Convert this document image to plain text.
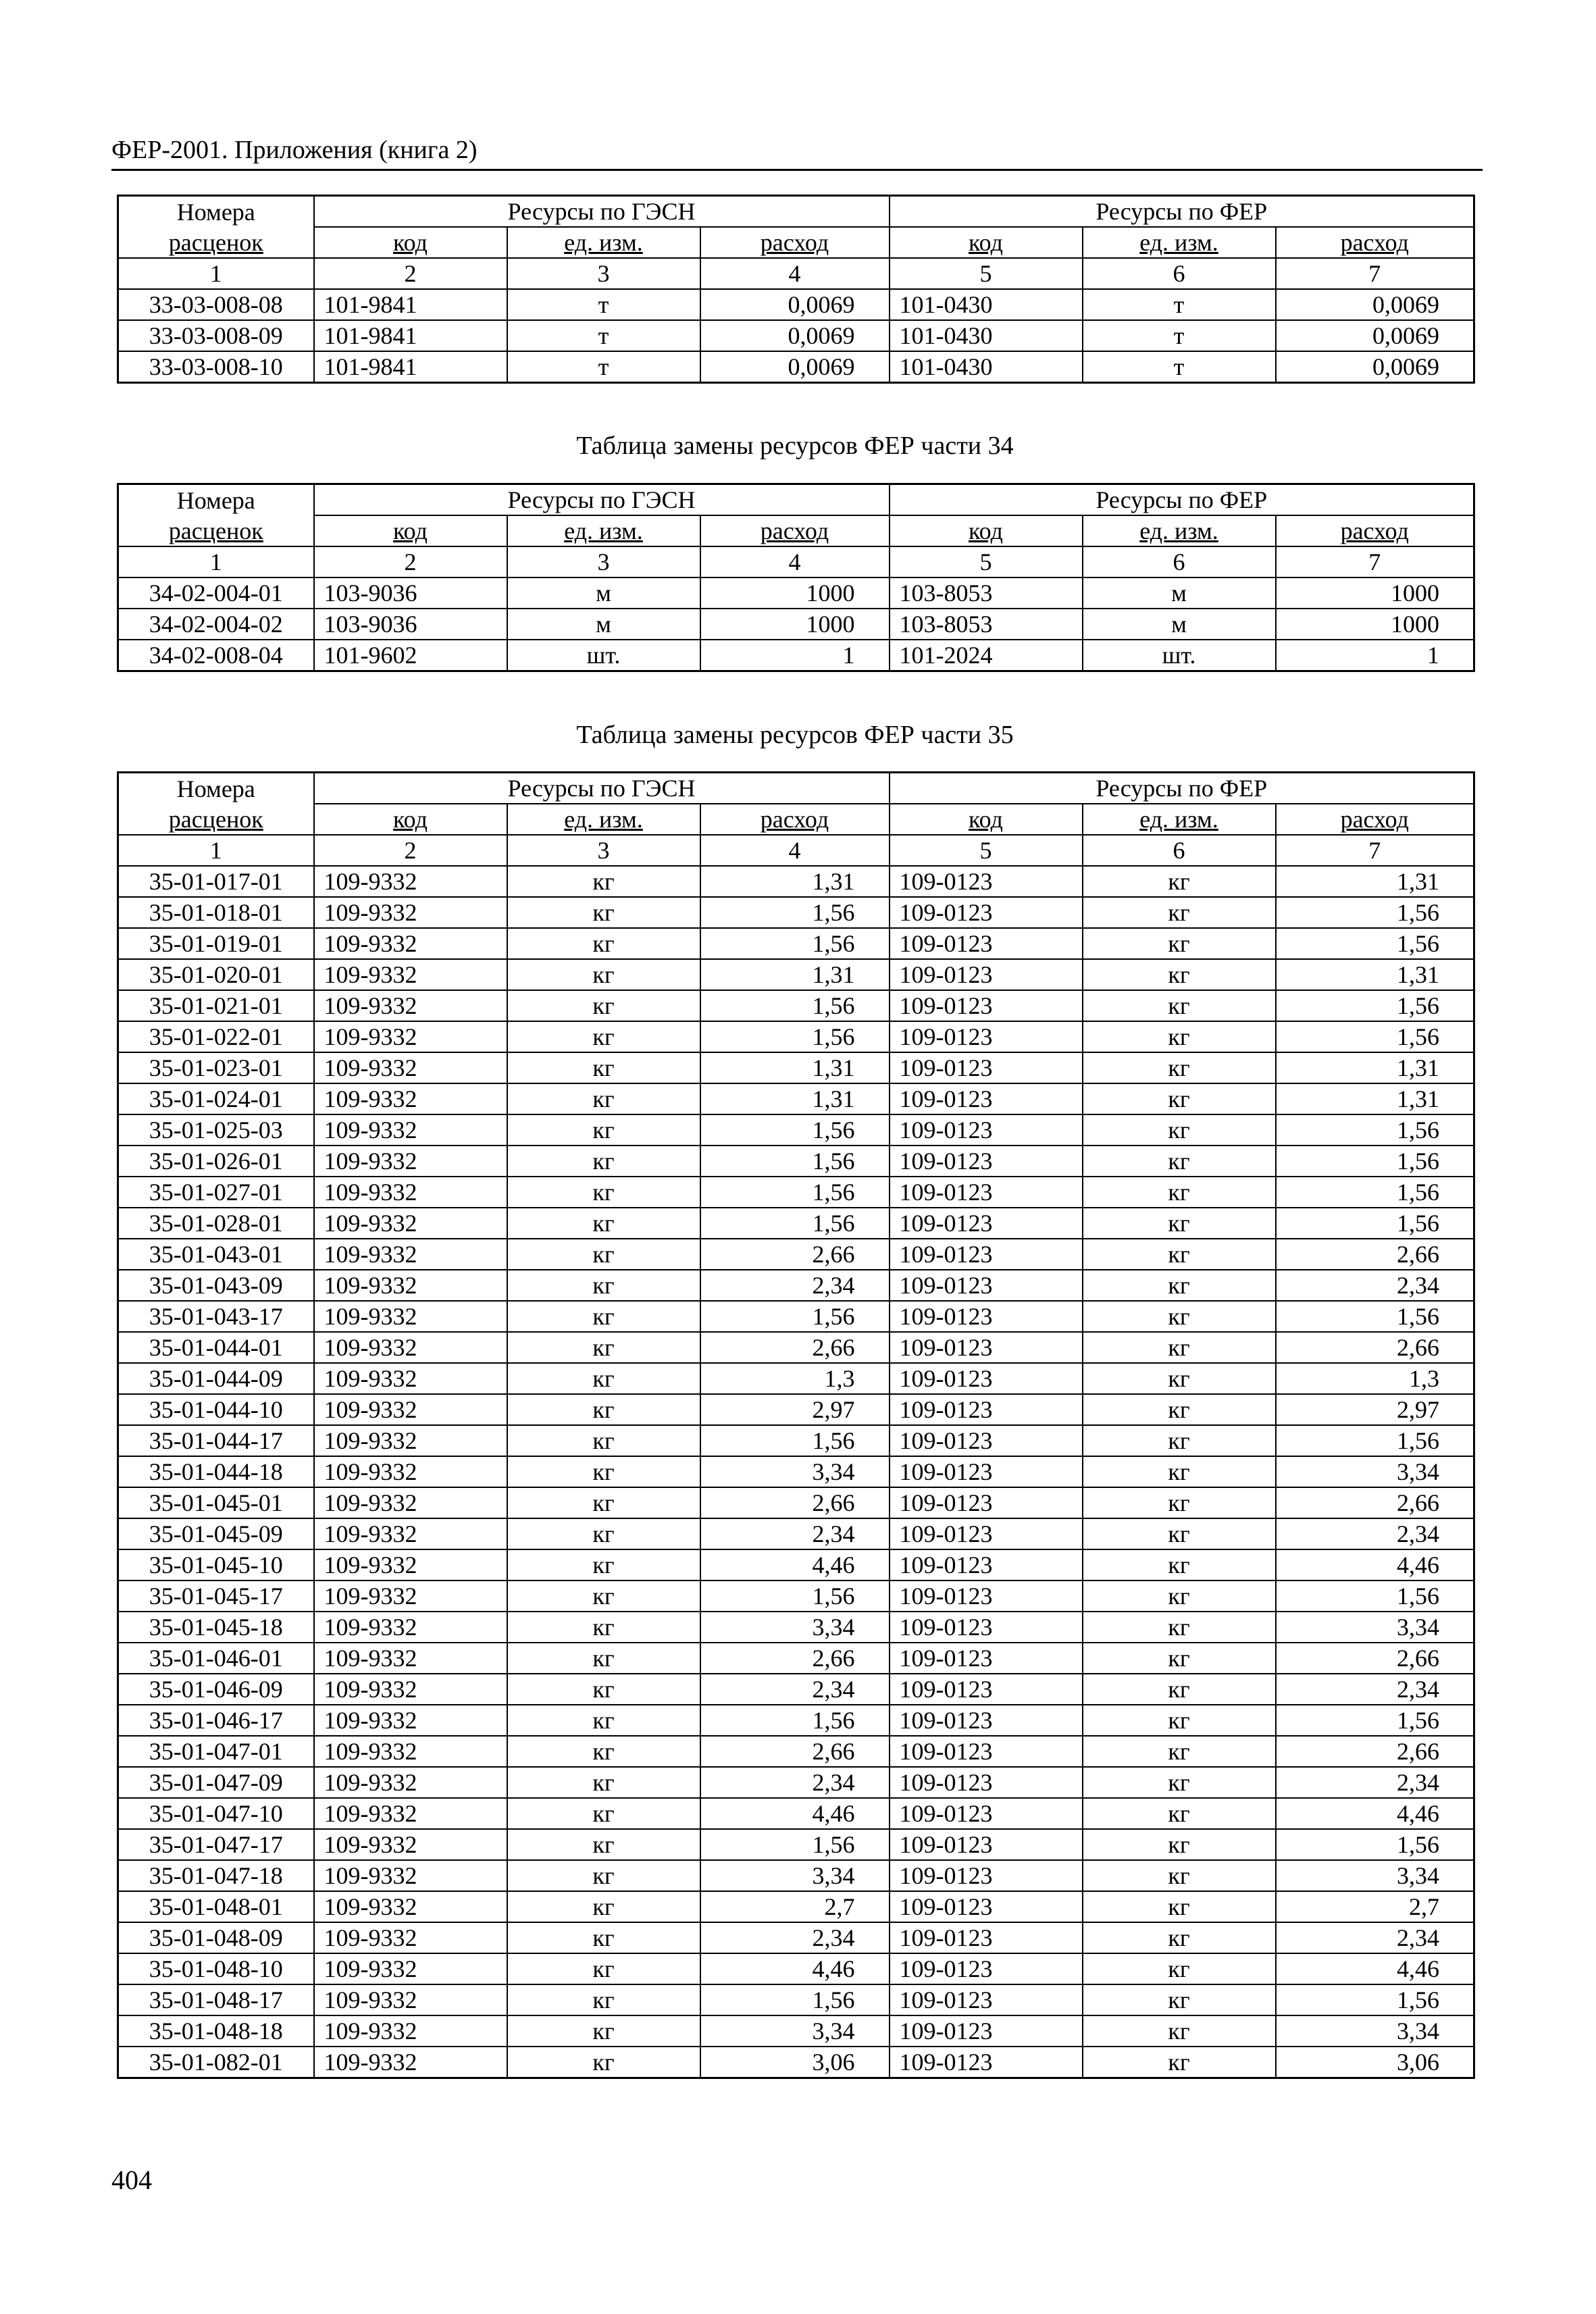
ФЕР-2001. Приложения (книга 2)
Таблица замены ресурсов ФЕР части 34
Таблица замены ресурсов ФЕР части 35
Номера	Ресурсы по ГЭСН			Ресурсы по ФЕР		
расценок	код	ед. изм.	расход	код	ед. изм.	расход
1	2	3	4	5	6	7
33-03-008-08	101-9841	т	0,0069	101-0430	т	0,0069
33-03-008-09	101-9841	т	0,0069	101-0430	т	0,0069
33-03-008-10	101-9841	т	0,0069	101-0430	т	0,0069
Номера	Ресурсы по ГЭСН			Ресурсы по ФЕР		
расценок	код	ед. изм.	расход	код	ед. изм.	расход
1	2	3	4	5	6	7
34-02-004-01	103-9036	м	1000	103-8053	м	1000
34-02-004-02	103-9036	м	1000	103-8053	м	1000
34-02-008-04	101-9602	шт.	1	101-2024	шт.	1
Номера	Ресурсы по ГЭСН			Ресурсы по ФЕР		
расценок	код	ед. изм.	расход	код	ед. изм.	расход
1	2	3	4	5	6	7
35-01-017-01	109-9332	кг	1,31	109-0123	кг	1,31
35-01-018-01	109-9332	кг	1,56	109-0123	кг	1,56
35-01-019-01	109-9332	кг	1,56	109-0123	кг	1,56
35-01-020-01	109-9332	кг	1,31	109-0123	кг	1,31
35-01-021-01	109-9332	кг	1,56	109-0123	кг	1,56
35-01-022-01	109-9332	кг	1,56	109-0123	кг	1,56
35-01-023-01	109-9332	кг	1,31	109-0123	кг	1,31
35-01-024-01	109-9332	кг	1,31	109-0123	кг	1,31
35-01-025-03	109-9332	кг	1,56	109-0123	кг	1,56
35-01-026-01	109-9332	кг	1,56	109-0123	кг	1,56
35-01-027-01	109-9332	кг	1,56	109-0123	кг	1,56
35-01-028-01	109-9332	кг	1,56	109-0123	кг	1,56
35-01-043-01	109-9332	кг	2,66	109-0123	кг	2,66
35-01-043-09	109-9332	кг	2,34	109-0123	кг	2,34
35-01-043-17	109-9332	кг	1,56	109-0123	кг	1,56
35-01-044-01	109-9332	кг	2,66	109-0123	кг	2,66
35-01-044-09	109-9332	кг	1,3	109-0123	кг	1,3
35-01-044-10	109-9332	кг	2,97	109-0123	кг	2,97
35-01-044-17	109-9332	кг	1,56	109-0123	кг	1,56
35-01-044-18	109-9332	кг	3,34	109-0123	кг	3,34
35-01-045-01	109-9332	кг	2,66	109-0123	кг	2,66
35-01-045-09	109-9332	кг	2,34	109-0123	кг	2,34
35-01-045-10	109-9332	кг	4,46	109-0123	кг	4,46
35-01-045-17	109-9332	кг	1,56	109-0123	кг	1,56
35-01-045-18	109-9332	кг	3,34	109-0123	кг	3,34
35-01-046-01	109-9332	кг	2,66	109-0123	кг	2,66
35-01-046-09	109-9332	кг	2,34	109-0123	кг	2,34
35-01-046-17	109-9332	кг	1,56	109-0123	кг	1,56
35-01-047-01	109-9332	кг	2,66	109-0123	кг	2,66
35-01-047-09	109-9332	кг	2,34	109-0123	кг	2,34
35-01-047-10	109-9332	кг	4,46	109-0123	кг	4,46
35-01-047-17	109-9332	кг	1,56	109-0123	кг	1,56
35-01-047-18	109-9332	кг	3,34	109-0123	кг	3,34
35-01-048-01	109-9332	кг	2,7	109-0123	кг	2,7
35-01-048-09	109-9332	кг	2,34	109-0123	кг	2,34
35-01-048-10	109-9332	кг	4,46	109-0123	кг	4,46
35-01-048-17	109-9332	кг	1,56	109-0123	кг	1,56
35-01-048-18	109-9332	кг	3,34	109-0123	кг	3,34
35-01-082-01	109-9332	кг	3,06	109-0123	кг	3,06
404
